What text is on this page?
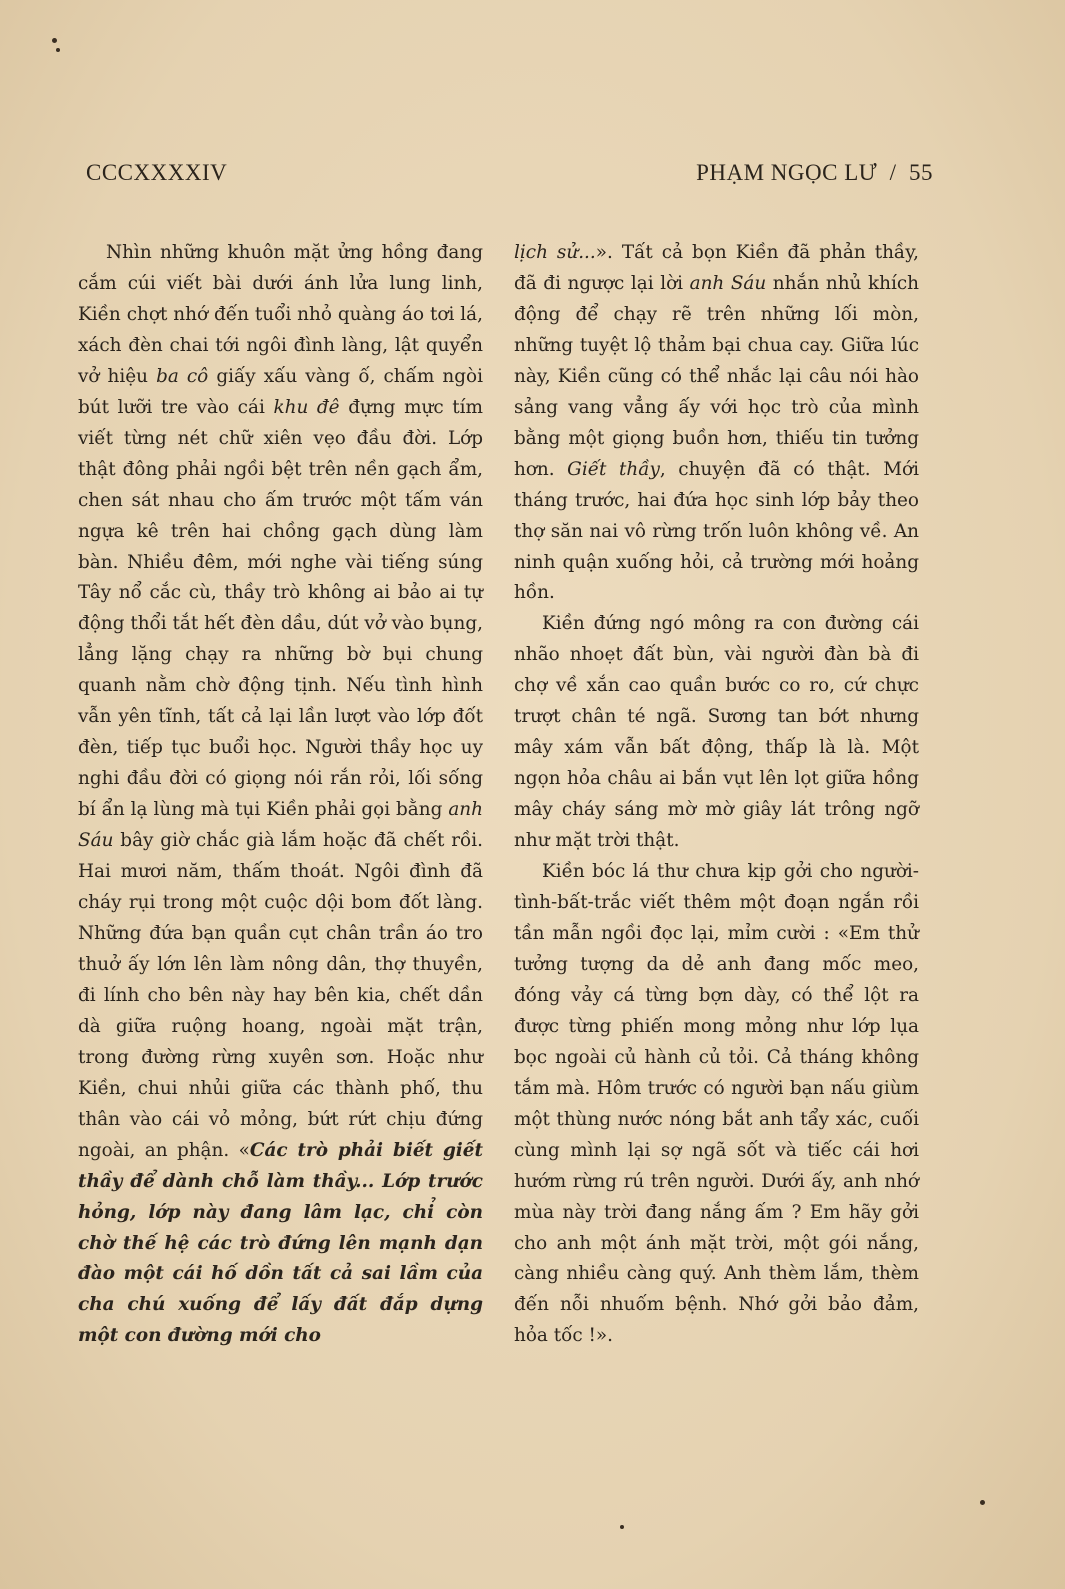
CCCXXXXIV	PHẠM NGỌC LƯ  /  55

Nhìn những khuôn mặt ửng hồng đang cắm cúi viết bài dưới ánh lửa lung linh, Kiền chợt nhớ đến tuổi nhỏ quàng áo tơi lá, xách đèn chai tới ngôi đình làng, lật quyển vở hiệu ba cô giấy xấu vàng ố, chấm ngòi bút lưỡi tre vào cái khu đê đựng mực tím viết từng nét chữ xiên vẹo đầu đời. Lớp thật đông phải ngồi bệt trên nền gạch ẩm, chen sát nhau cho ấm trước một tấm ván ngựa kê trên hai chồng gạch dùng làm bàn. Nhiều đêm, mới nghe vài tiếng súng Tây nổ cắc cù, thầy trò không ai bảo ai tự động thổi tắt hết đèn dầu, dút vở vào bụng, lẳng lặng chạy ra những bờ bụi chung quanh nằm chờ động tịnh. Nếu tình hình vẫn yên tĩnh, tất cả lại lần lượt vào lớp đốt đèn, tiếp tục buổi học. Người thầy học uy nghi đầu đời có giọng nói rắn rỏi, lối sống bí ẩn lạ lùng mà tụi Kiền phải gọi bằng anh Sáu bây giờ chắc già lắm hoặc đã chết rồi. Hai mươi năm, thấm thoát. Ngôi đình đã cháy rụi trong một cuộc dội bom đốt làng. Những đứa bạn quần cụt chân trần áo tro thuở ấy lớn lên làm nông dân, thợ thuyền, đi lính cho bên này hay bên kia, chết dần dà giữa ruộng hoang, ngoài mặt trận, trong đường rừng xuyên sơn. Hoặc như Kiền, chui nhủi giữa các thành phố, thu thân vào cái vỏ mỏng, bứt rứt chịu đứng ngoài, an phận. «Các trò phải biết giết thầy để dành chỗ làm thầy... Lớp trước hỏng, lớp này đang lâm lạc, chỉ còn chờ thế hệ các trò đứng lên mạnh dạn đào một cái hố dồn tất cả sai lầm của cha chú xuống để lấy đất đắp dựng một con đường mới cho

lịch sử...». Tất cả bọn Kiền đã phản thầy, đã đi ngược lại lời anh Sáu nhắn nhủ khích động để chạy rẽ trên những lối mòn, những tuyệt lộ thảm bại chua cay. Giữa lúc này, Kiền cũng có thể nhắc lại câu nói hào sảng vang vẳng ấy với học trò của mình bằng một giọng buồn hơn, thiếu tin tưởng hơn. Giết thầy, chuyện đã có thật. Mới tháng trước, hai đứa học sinh lớp bảy theo thợ săn nai vô rừng trốn luôn không về. An ninh quận xuống hỏi, cả trường mới hoảng hồn.

Kiền đứng ngó mông ra con đường cái nhão nhoẹt đất bùn, vài người đàn bà đi chợ về xắn cao quần bước co ro, cứ chực trượt chân té ngã. Sương tan bớt nhưng mây xám vẫn bất động, thấp là là. Một ngọn hỏa châu ai bắn vụt lên lọt giữa hồng mây cháy sáng mờ mờ giây lát trông ngỡ như mặt trời thật.

Kiền bóc lá thư chưa kịp gởi cho người-tình-bất-trắc viết thêm một đoạn ngắn rồi tần mẫn ngồi đọc lại, mỉm cười : «Em thử tưởng tượng da dẻ anh đang mốc meo, đóng vảy cá từng bợn dày, có thể lột ra được từng phiến mong mỏng như lớp lụa bọc ngoài củ hành củ tỏi. Cả tháng không tắm mà. Hôm trước có người bạn nấu giùm một thùng nước nóng bắt anh tẩy xác, cuối cùng mình lại sợ ngã sốt và tiếc cái hơi hướm rừng rú trên người. Dưới ấy, anh nhớ mùa này trời đang nắng ấm ? Em hãy gởi cho anh một ánh mặt trời, một gói nắng, càng nhiều càng quý. Anh thèm lắm, thèm đến nỗi nhuốm bệnh. Nhớ gởi bảo đảm, hỏa tốc !».
